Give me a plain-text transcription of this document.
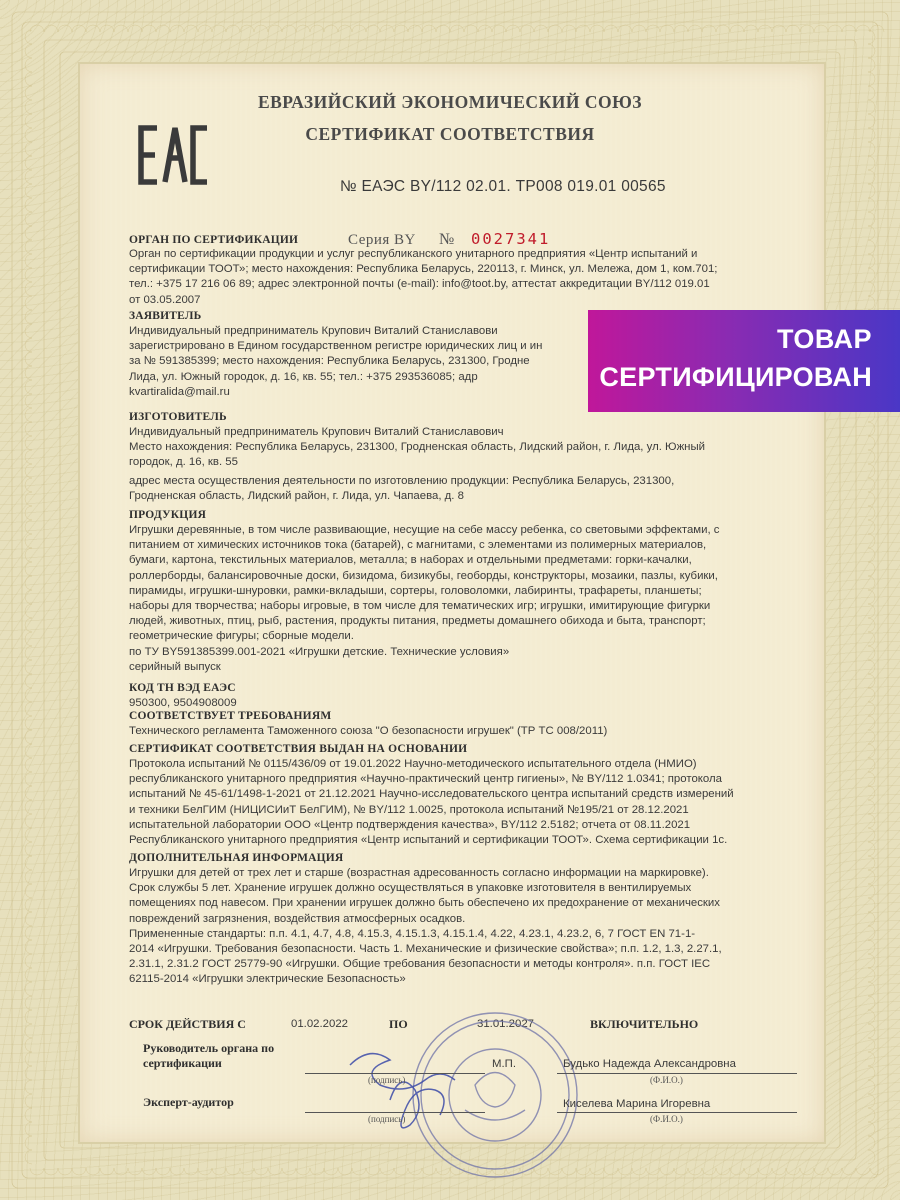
ЕВРАЗИЙСКИЙ ЭКОНОМИЧЕСКИЙ СОЮЗ
СЕРТИФИКАТ СООТВЕТСТВИЯ
№ ЕАЭС BY/112 02.01. ТР008 019.01 00565
ОРГАН ПО СЕРТИФИКАЦИИ	Серия BY № 0027341
Орган по сертификации продукции и услуг республиканского унитарного предприятия «Центр испытаний и
сертификации ТООТ»; место нахождения: Республика Беларусь, 220113, г. Минск, ул. Мележа, дом 1, ком.701;
тел.: +375 17 216 06 89; адрес электронной почты (e-mail): info@toot.by, аттестат аккредитации BY/112 019.01
от 03.05.2007
ЗАЯВИТЕЛЬ
Индивидуальный предприниматель Крупович Виталий Станиславови
зарегистрировано в Едином государственном регистре юридических лиц и ин
за № 591385399; место нахождения: Республика Беларусь, 231300, Гродне
Лида, ул. Южный городок, д. 16, кв. 55; тел.: +375 293536085; адр
kvartiralida@mail.ru
ИЗГОТОВИТЕЛЬ
Индивидуальный предприниматель Крупович Виталий Станиславович
Место нахождения: Республика Беларусь, 231300, Гродненская область, Лидский район, г. Лида, ул. Южный
городок, д. 16, кв. 55
адрес места осуществления деятельности по изготовлению продукции: Республика Беларусь, 231300,
Гродненская область, Лидский район, г. Лида, ул. Чапаева, д. 8
ПРОДУКЦИЯ
Игрушки деревянные, в том числе развивающие, несущие на себе массу ребенка, со световыми эффектами, с
питанием от химических источников тока (батарей), с магнитами, с элементами из полимерных материалов,
бумаги, картона, текстильных материалов, металла; в наборах и отдельными предметами: горки-качалки,
роллерборды, балансировочные доски, бизидома, бизикубы, геоборды, конструкторы, мозаики, пазлы, кубики,
пирамиды, игрушки-шнуровки, рамки-вкладыши, сортеры, головоломки, лабиринты, трафареты, планшеты;
наборы для творчества; наборы игровые, в том числе для тематических игр; игрушки, имитирующие фигурки
людей, животных, птиц, рыб, растения, продукты питания, предметы домашнего обихода и быта, транспорт;
геометрические фигуры; сборные модели.
по ТУ BY591385399.001-2021 «Игрушки детские. Технические условия»
серийный выпуск
КОД ТН ВЭД ЕАЭС
950300, 9504908009
СООТВЕТСТВУЕТ ТРЕБОВАНИЯМ
Технического регламента Таможенного союза "О безопасности игрушек" (ТР ТС 008/2011)
СЕРТИФИКАТ СООТВЕТСТВИЯ ВЫДАН НА ОСНОВАНИИ
Протокола испытаний № 0115/436/09 от 19.01.2022 Научно-методического испытательного отдела (НМИО)
республиканского унитарного предприятия «Научно-практический центр гигиены», № BY/112 1.0341; протокола
испытаний № 45-61/1498-1-2021 от 21.12.2021 Научно-исследовательского центра испытаний средств измерений
и техники БелГИМ (НИЦИСИиТ БелГИМ), № BY/112 1.0025, протокола испытаний №195/21 от 28.12.2021
испытательной лаборатории ООО «Центр подтверждения качества», BY/112 2.5182; отчета от 08.11.2021
Республиканского унитарного предприятия «Центр испытаний и сертификации ТООТ». Схема сертификации 1с.
ДОПОЛНИТЕЛЬНАЯ ИНФОРМАЦИЯ
Игрушки для детей от трех лет и старше (возрастная адресованность согласно информации на маркировке).
Срок службы 5 лет. Хранение игрушек должно осуществляться в упаковке изготовителя в вентилируемых
помещениях под навесом. При хранении игрушек должно быть обеспечено их предохранение от механических
повреждений загрязнения, воздействия атмосферных осадков.
Примененные стандарты: п.п. 4.1, 4.7, 4.8, 4.15.3, 4.15.1.3, 4.15.1.4, 4.22, 4.23.1, 4.23.2, 6, 7 ГОСТ EN 71-1-
2014 «Игрушки. Требования безопасности. Часть 1. Механические и физические свойства»; п.п. 1.2, 1.3, 2.27.1,
2.31.1, 2.31.2 ГОСТ 25779-90 «Игрушки. Общие требования безопасности и методы контроля». п.п. ГОСТ IEC
62115-2014 «Игрушки электрические Безопасность»
СРОК ДЕЙСТВИЯ С	01.02.2022	ПО	31.01.2027	ВКЛЮЧИТЕЛЬНО
Руководитель органа по
сертификации	М.П.	Будько Надежда Александровна
(подпись)	(Ф.И.О.)
Эксперт-аудитор	Киселева Марина Игоревна
(подпись)	(Ф.И.О.)
ТОВАР
СЕРТИФИЦИРОВАН
